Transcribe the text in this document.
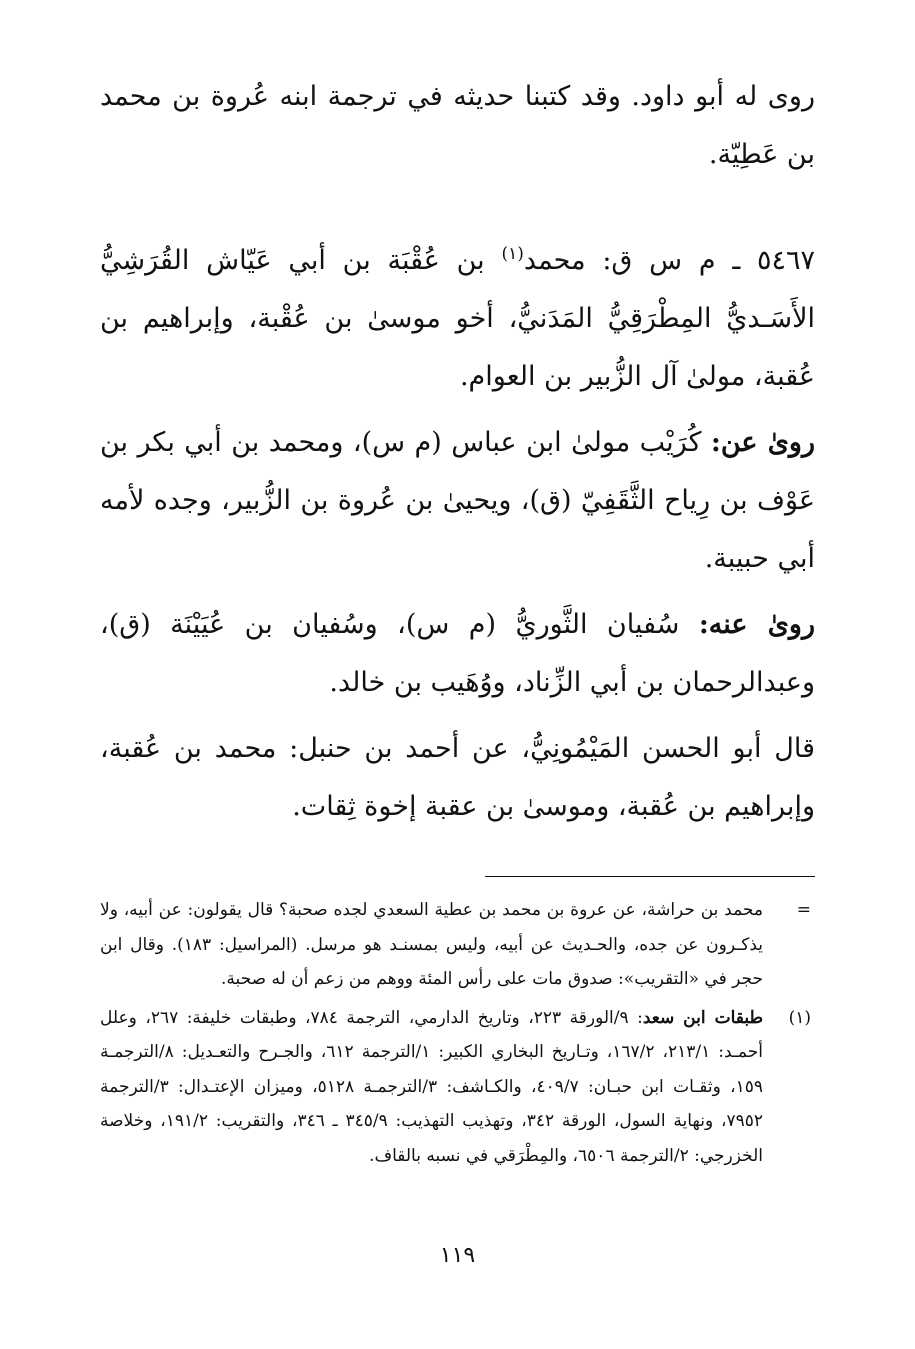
روى له أبو داود. وقد كتبنا حديثه في ترجمة ابنه عُروة بن محمد بن عَطِيّة.

٥٤٦٧ ـ م س ق: محمد$^{(١)}$ بن عُقْبَة بن أبي عَيّاش القُرَشِيُّ الأَسَـديُّ المِطْرَقِيُّ المَدَنيُّ، أخو موسىٰ بن عُقْبة، وإبراهيم بن عُقبة، مولىٰ آل الزُّبير بن العوام.

روىٰ عن: كُرَيْب مولىٰ ابن عباس (م س)، ومحمد بن أبي بكر بن عَوْف بن رِياح الثَّقَفِيّ (ق)، ويحيىٰ بن عُروة بن الزُّبير، وجده لأمه أبي حبيبة.

روىٰ عنه: سُفيان الثَّوريُّ (م س)، وسُفيان بن عُيَيْنَة (ق)، وعبدالرحمان بن أبي الزِّناد، ووُهَيب بن خالد.

قال أبو الحسن المَيْمُونِيُّ، عن أحمد بن حنبل: محمد بن عُقبة، وإبراهيم بن عُقبة، وموسىٰ بن عقبة إخوة ثِقات.

=
محمد بن حراشة، عن عروة بن محمد بن عطية السعدي لجده صحبة؟ قال يقولون: عن أبيه، ولا يذكـرون عن جده، والحـديث عن أبيه، وليس بمسنـد هو مرسل. (المراسيل: ١٨٣). وقال ابن حجر في «التقريب»: صدوق مات على رأس المئة ووهم من زعم أن له صحبة.

(١)
طبقات ابن سعد: ٩/الورقة ٢٢٣، وتاريخ الدارمي، الترجمة ٧٨٤، وطبقات خليفة: ٢٦٧، وعلل أحمـد: ٢١٣/١، ١٦٧/٢، وتـاريخ البخاري الكبير: ١/الترجمة ٦١٢، والجـرح والتعـديل: ٨/الترجمـة ١٥٩، وثقـات ابن حبـان: ٤٠٩/٧، والكـاشف: ٣/الترجمـة ٥١٢٨، وميزان الإعتـدال: ٣/الترجمة ٧٩٥٢، ونهاية السول، الورقة ٣٤٢، وتهذيب التهذيب: ٣٤٥/٩ ـ ٣٤٦، والتقريب: ١٩١/٢، وخلاصة الخزرجي: ٢/الترجمة ٦٥٠٦، والمِطْرَقي في نسبه بالقاف.

١١٩
